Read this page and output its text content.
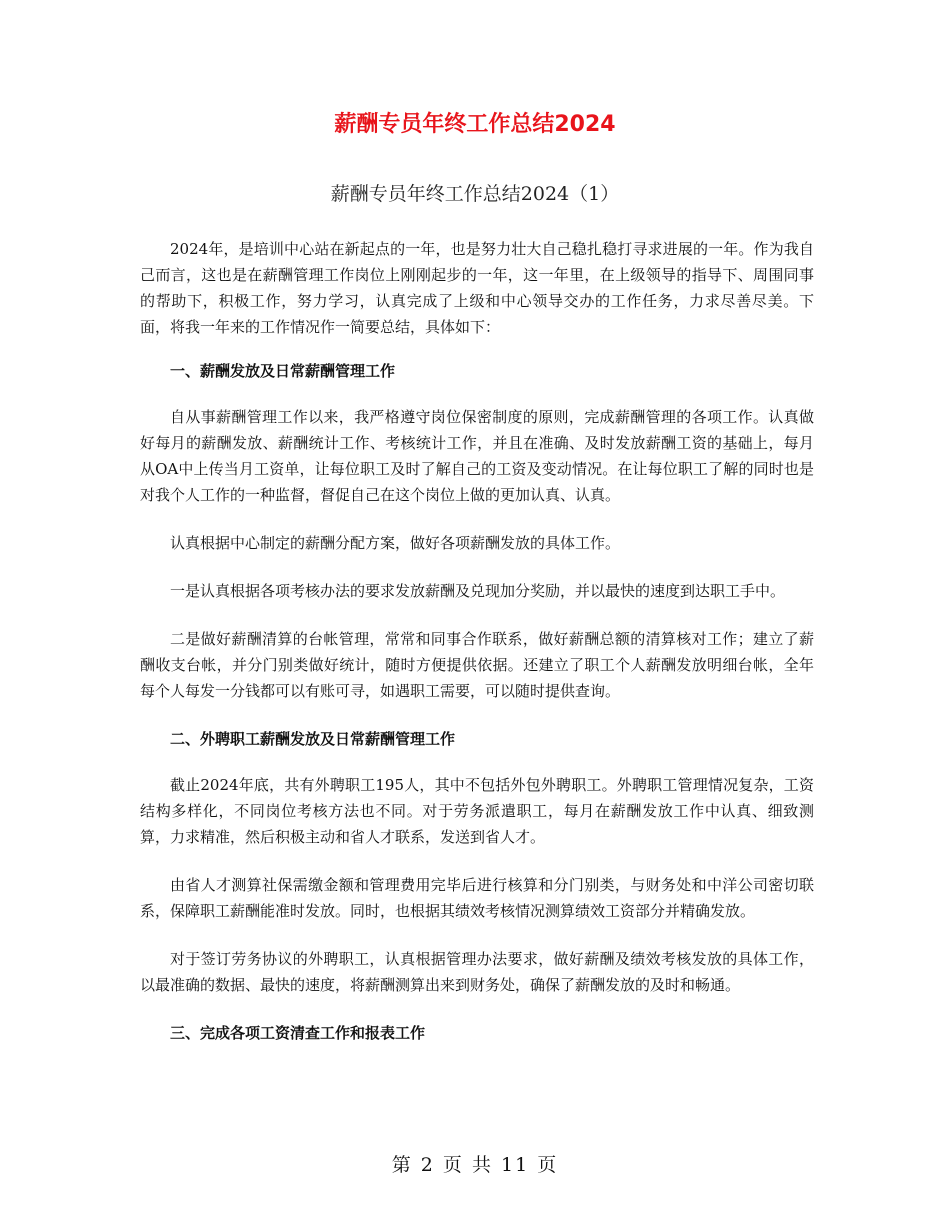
薪酬专员年终工作总结2024
薪酬专员年终工作总结2024（1）

2024年，是培训中心站在新起点的一年，也是努力壮大自己稳扎稳打寻求进展的一年。作为我自己而言，这也是在薪酬管理工作岗位上刚刚起步的一年，这一年里，在上级领导的指导下、周围同事的帮助下，积极工作，努力学习，认真完成了上级和中心领导交办的工作任务，力求尽善尽美。下面，将我一年来的工作情况作一简要总结，具体如下：

一、薪酬发放及日常薪酬管理工作

自从事薪酬管理工作以来，我严格遵守岗位保密制度的原则，完成薪酬管理的各项工作。认真做好每月的薪酬发放、薪酬统计工作、考核统计工作，并且在准确、及时发放薪酬工资的基础上，每月从OA中上传当月工资单，让每位职工及时了解自己的工资及变动情况。在让每位职工了解的同时也是对我个人工作的一种监督，督促自己在这个岗位上做的更加认真、认真。

认真根据中心制定的薪酬分配方案，做好各项薪酬发放的具体工作。

一是认真根据各项考核办法的要求发放薪酬及兑现加分奖励，并以最快的速度到达职工手中。

二是做好薪酬清算的台帐管理，常常和同事合作联系，做好薪酬总额的清算核对工作；建立了薪酬收支台帐，并分门别类做好统计，随时方便提供依据。还建立了职工个人薪酬发放明细台帐，全年每个人每发一分钱都可以有账可寻，如遇职工需要，可以随时提供查询。

二、外聘职工薪酬发放及日常薪酬管理工作

截止2024年底，共有外聘职工195人，其中不包括外包外聘职工。外聘职工管理情况复杂，工资结构多样化，不同岗位考核方法也不同。对于劳务派遣职工，每月在薪酬发放工作中认真、细致测算，力求精准，然后积极主动和省人才联系，发送到省人才。

由省人才测算社保需缴金额和管理费用完毕后进行核算和分门别类，与财务处和中洋公司密切联系，保障职工薪酬能准时发放。同时，也根据其绩效考核情况测算绩效工资部分并精确发放。

对于签订劳务协议的外聘职工，认真根据管理办法要求，做好薪酬及绩效考核发放的具体工作，以最准确的数据、最快的速度，将薪酬测算出来到财务处，确保了薪酬发放的及时和畅通。

三、完成各项工资清查工作和报表工作
第 2 页 共 11 页
